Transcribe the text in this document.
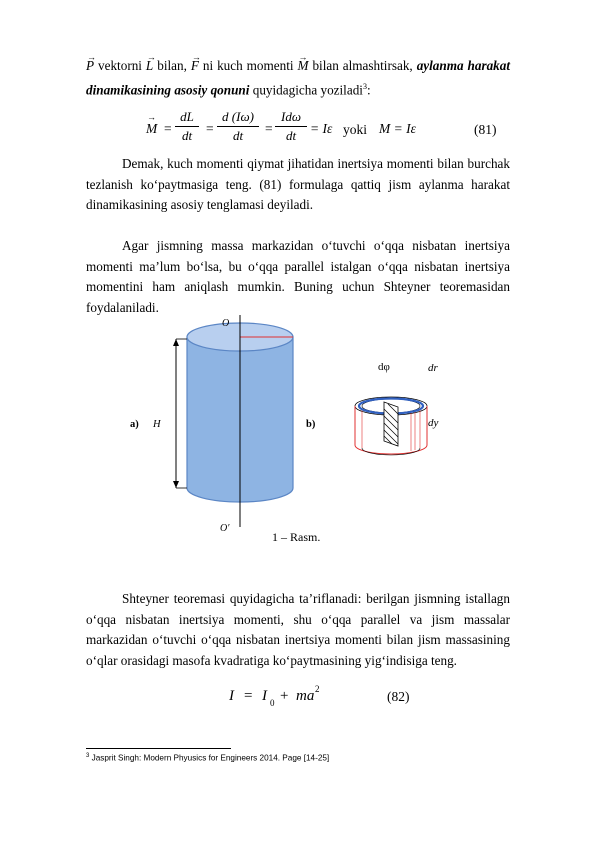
→ P vektorni → L bilan, → F ni kuch momenti → M bilan almashtirsak, aylanma harakat dinamikasining asosiy qonuni quyidagicha yoziladi$^3$:
→ M =
dL
dt	=
d (Iω)
dt	=
Idω
dt	= Iε yoki M = Iε	(81)
Demak, kuch momenti qiymat jihatidan inertsiya momenti bilan burchak tezlanish ko‘paytmasiga teng. (81) formulaga qattiq jism aylanma harakat dinamikasining asosiy tenglamasi deyiladi.
Agar jismning massa markazidan o‘tuvchi o‘qqa nisbatan inertsiya momenti ma’lum bo‘lsa, bu o‘qqa parallel istalgan o‘qqa nisbatan inertsiya momentini ham aniqlash mumkin. Buning uchun Shteyner teoremasidan foydalaniladi.
O
O′
a) H	b)
dφ	dr
dy
1 – Rasm.
Shteyner teoremasi quyidagicha ta’riflanadi: berilgan jismning istallagn o‘qqa nisbatan inertsiya momenti, shu o‘qqa parallel va jism massalar markazidan o‘tuvchi o‘qqa nisbatan inertsiya momenti bilan jism massasining o‘qlar orasidagi masofa kvadratiga ko‘paytmasining yig‘indisiga teng.
I = I 0 + ma 2	(82)
$^3$ Jasprit Singh: Modern Phyusics for Engineers 2014. Page [14-25]
